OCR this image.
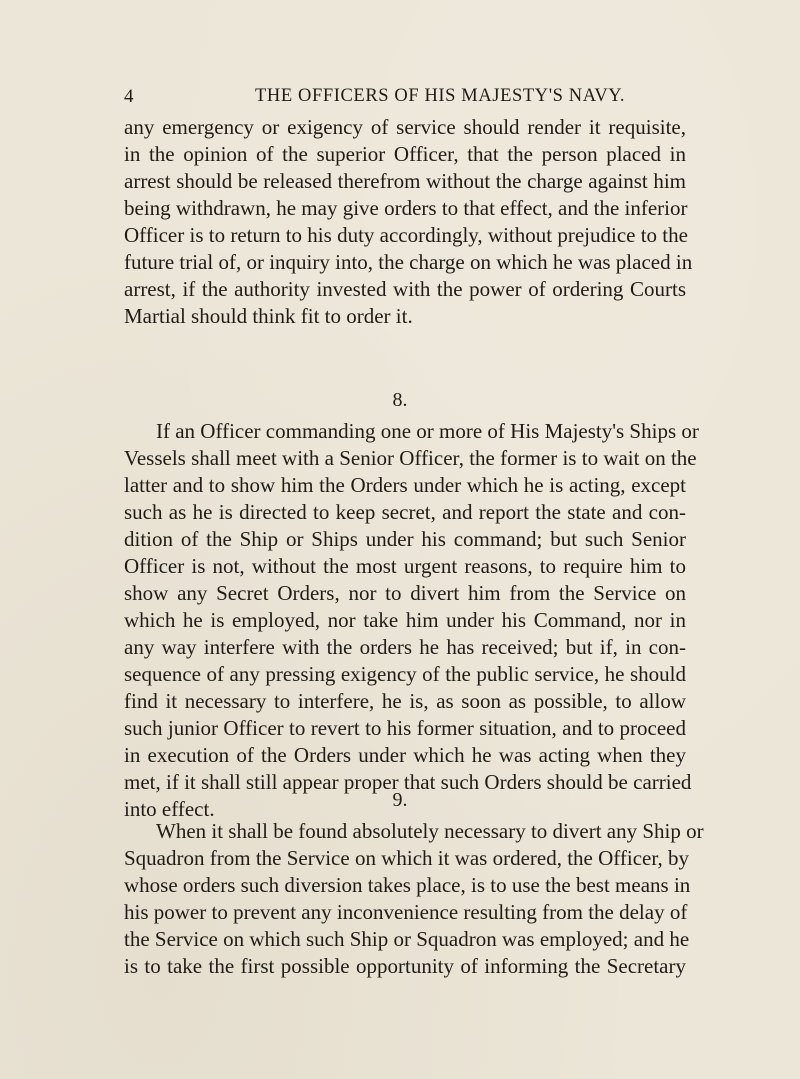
4	THE OFFICERS OF HIS MAJESTY'S NAVY.
any emergency or exigency of service should render it requisite,
in the opinion of the superior Officer, that the person placed in
arrest should be released therefrom without the charge against him
being withdrawn, he may give orders to that effect, and the inferior
Officer is to return to his duty accordingly, without prejudice to the
future trial of, or inquiry into, the charge on which he was placed in
arrest, if the authority invested with the power of ordering Courts
Martial should think fit to order it.
8.
If an Officer commanding one or more of His Majesty's Ships or
Vessels shall meet with a Senior Officer, the former is to wait on the
latter and to show him the Orders under which he is acting, except
such as he is directed to keep secret, and report the state and con-
dition of the Ship or Ships under his command; but such Senior
Officer is not, without the most urgent reasons, to require him to
show any Secret Orders, nor to divert him from the Service on
which he is employed, nor take him under his Command, nor in
any way interfere with the orders he has received; but if, in con-
sequence of any pressing exigency of the public service, he should
find it necessary to interfere, he is, as soon as possible, to allow
such junior Officer to revert to his former situation, and to proceed
in execution of the Orders under which he was acting when they
met, if it shall still appear proper that such Orders should be carried
into effect.	9.
When it shall be found absolutely necessary to divert any Ship or
Squadron from the Service on which it was ordered, the Officer, by
whose orders such diversion takes place, is to use the best means in
his power to prevent any inconvenience resulting from the delay of
the Service on which such Ship or Squadron was employed; and he
is to take the first possible opportunity of informing the Secretary
